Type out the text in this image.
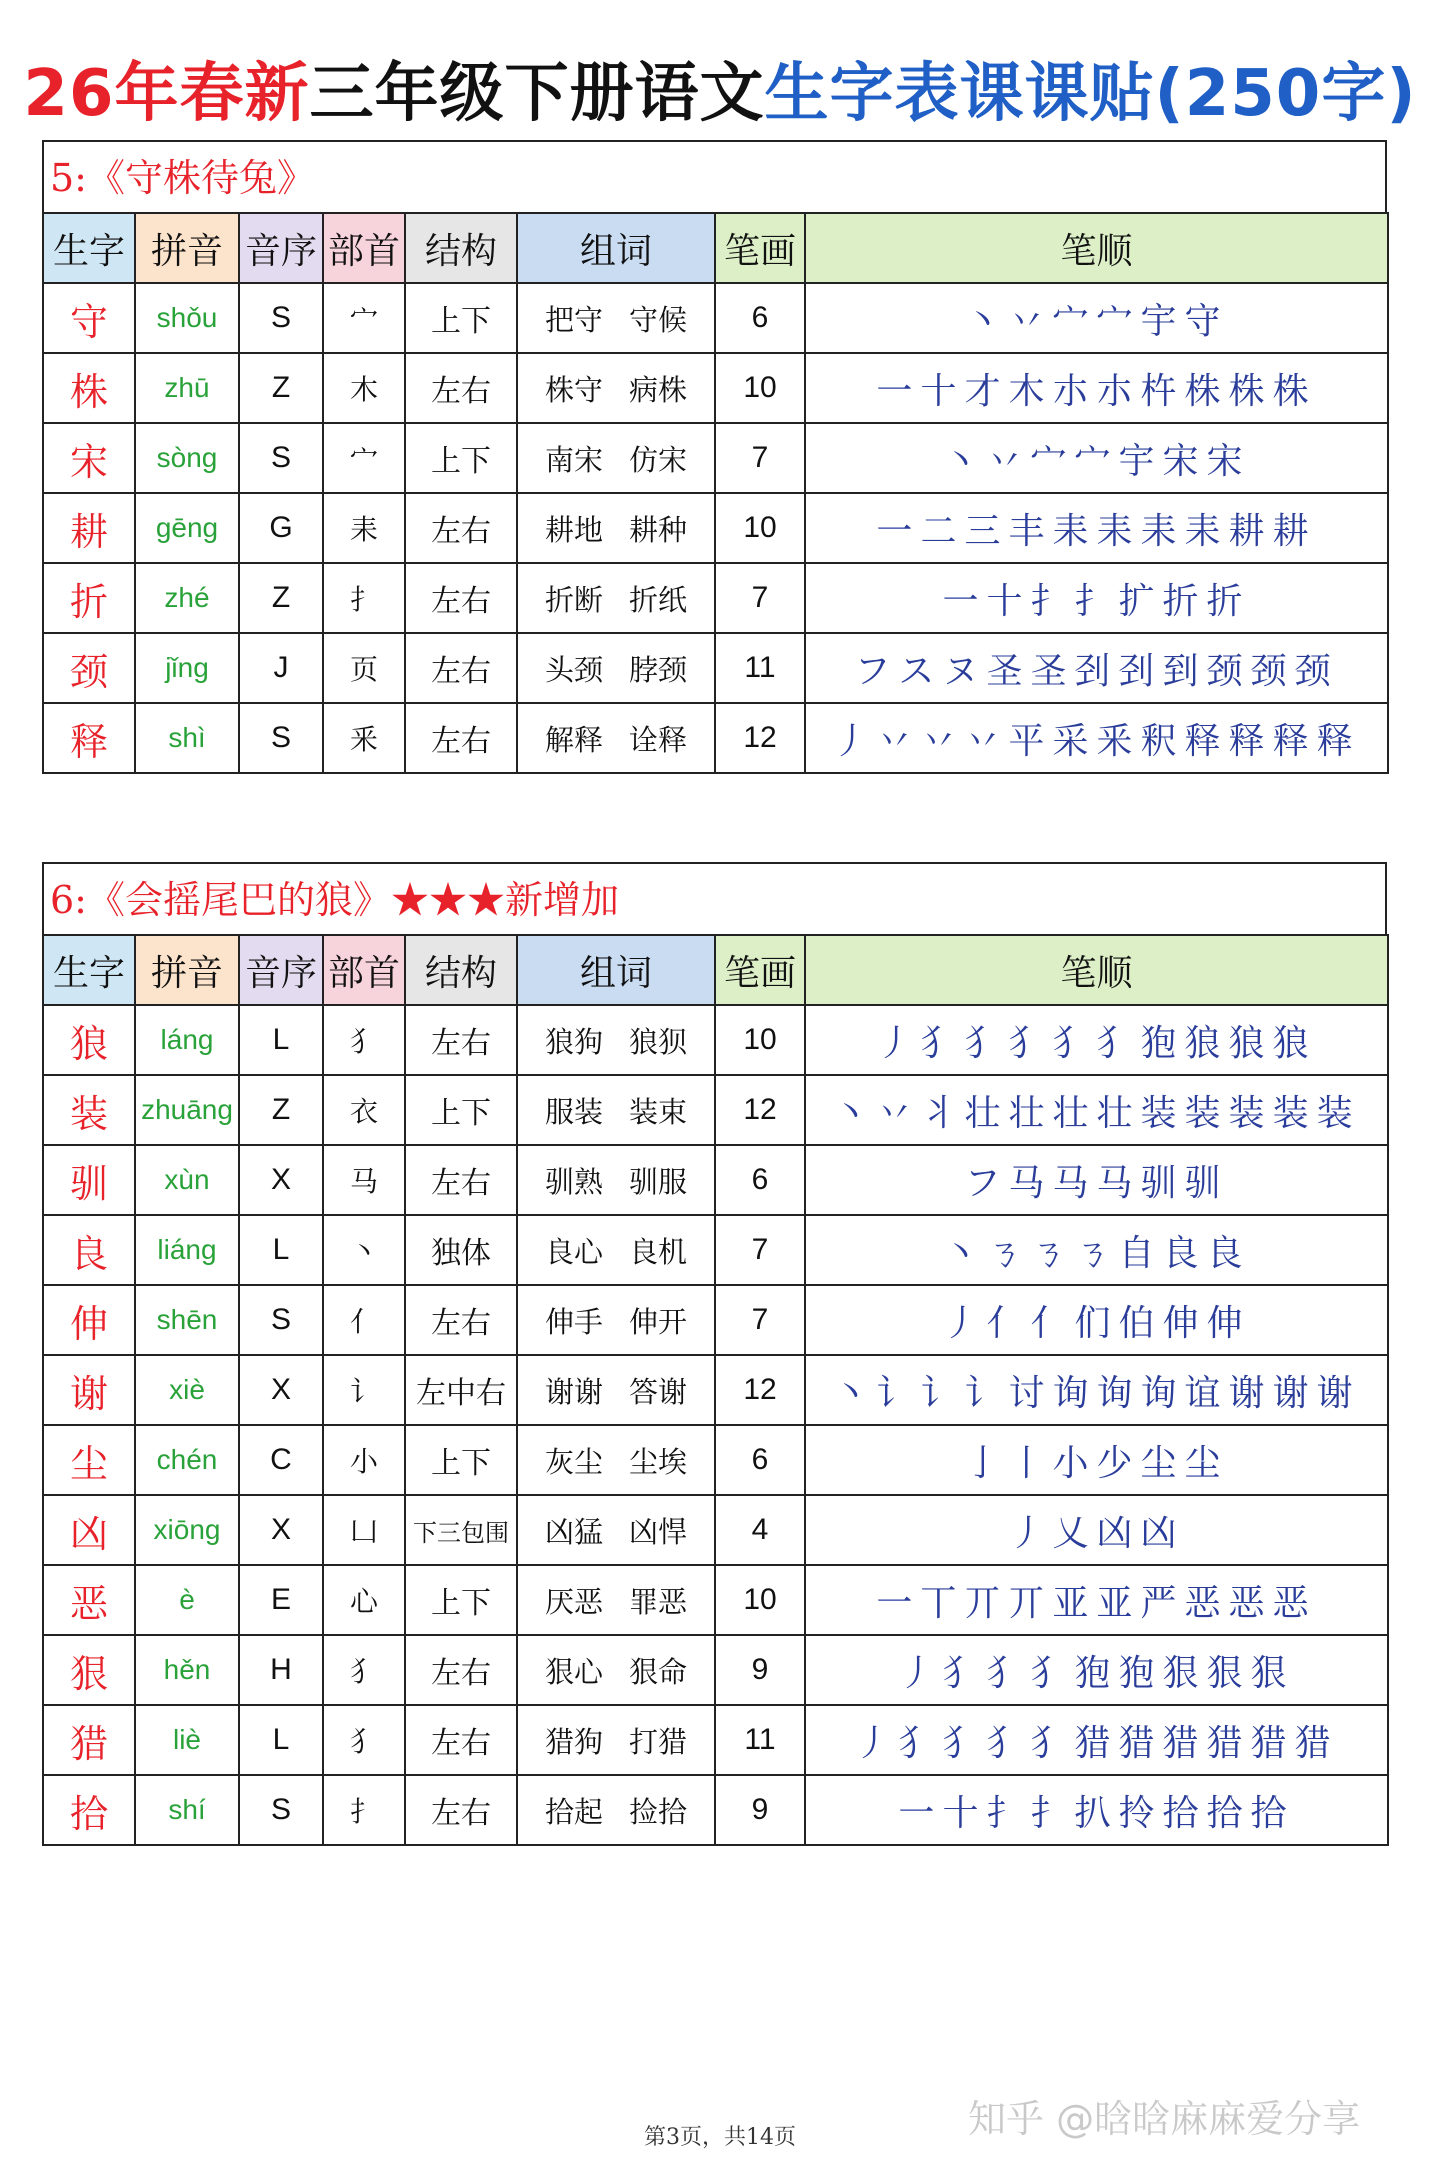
26年春新三年级下册语文生字表课课贴(250字)
5:《守株待兔》
生字	拼音	音序	部首	结构	组词	笔画	笔顺
守	shǒu	S	宀	上下	把守 守候	6	丶 丷 宀 宀 宇 守
株	zhū	Z	木	左右	株守 病株	10	一 十 才 木 朩 朩 杵 株 株 株
宋	sòng	S	宀	上下	南宋 仿宋	7	丶 丷 宀 宀 宇 宋 宋
耕	gēng	G	耒	左右	耕地 耕种	10	一 二 三 丰 耒 耒 耒 耒 耕 耕
折	zhé	Z	扌	左右	折断 折纸	7	一 十 扌 扌 扩 折 折
颈	jǐng	J	页	左右	头颈 脖颈	11	フ ス ヌ 圣 圣 刭 刭 到 颈 颈 颈
释	shì	S	釆	左右	解释 诠释	12	丿 丷 丷 丷 平 采 釆 釈 释 释 释 释
6:《会摇尾巴的狼》★★★新增加
生字	拼音	音序	部首	结构	组词	笔画	笔顺
狼	láng	L	犭	左右	狼狗 狼狈	10	丿 犭 犭 犭 犭 犭 狍 狼 狼 狼
装	zhuāng	Z	衣	上下	服装 装束	12	丶 丷 丬 壮 壮 壮 壮 装 装 装 装 装
驯	xùn	X	马	左右	驯熟 驯服	6	フ 马 马 马 驯 驯
良	liáng	L	丶	独体	良心 良机	7	丶 ㄋ ㄋ ㄋ 自 良 良
伸	shēn	S	亻	左右	伸手 伸开	7	丿 亻 亻 们 伯 伸 伸
谢	xiè	X	讠	左中右	谢谢 答谢	12	丶 讠 讠 讠 讨 询 询 询 谊 谢 谢 谢
尘	chén	C	小	上下	灰尘 尘埃	6	亅 丨 小 少 尘 尘
凶	xiōng	X	凵	下三包围	凶猛 凶悍	4	丿 乂 凶 凶
恶	è	E	心	上下	厌恶 罪恶	10	一 丅 丌 丌 亚 亚 严 恶 恶 恶
狠	hěn	H	犭	左右	狠心 狠命	9	丿 犭 犭 犭 狍 狍 狠 狠 狠
猎	liè	L	犭	左右	猎狗 打猎	11	丿 犭 犭 犭 犭 猎 猎 猎 猎 猎 猎
拾	shí	S	扌	左右	拾起 捡拾	9	一 十 扌 扌 扒 拎 拾 拾 拾
第3页，共14页	知乎 @晗晗麻麻爱分享
